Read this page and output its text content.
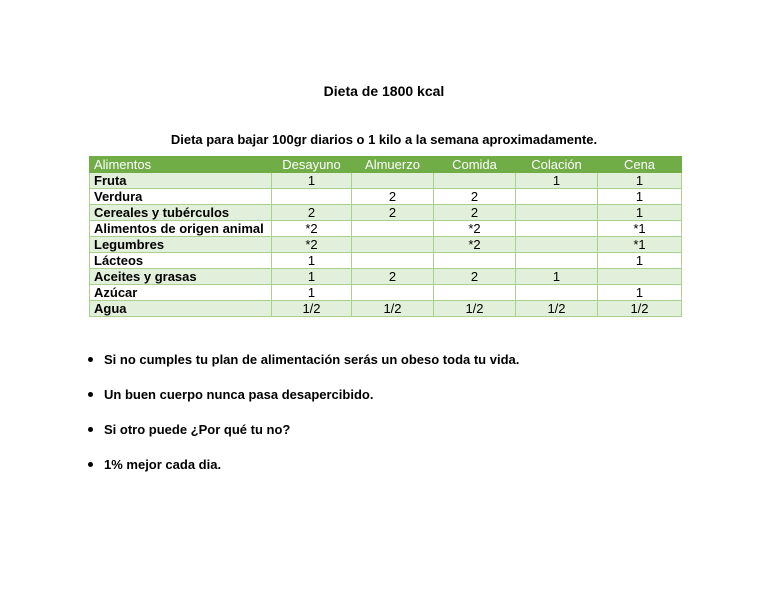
Dieta de 1800 kcal
Dieta para bajar 100gr diarios o 1 kilo a la semana aproximadamente.
Alimentos	Desayuno	Almuerzo	Comida	Colación	Cena
Fruta	1			1	1
Verdura		2	2		1
Cereales y tubérculos	2	2	2		1
Alimentos de origen animal	*2		*2		*1
Legumbres	*2		*2		*1
Lácteos	1				1
Aceites y grasas	1	2	2	1	
Azúcar	1				1
Agua	1/2	1/2	1/2	1/2	1/2
Si no cumples tu plan de alimentación serás un obeso toda tu vida.
Un buen cuerpo nunca pasa desapercibido.
Si otro puede ¿Por qué tu no?
1% mejor cada dia.
